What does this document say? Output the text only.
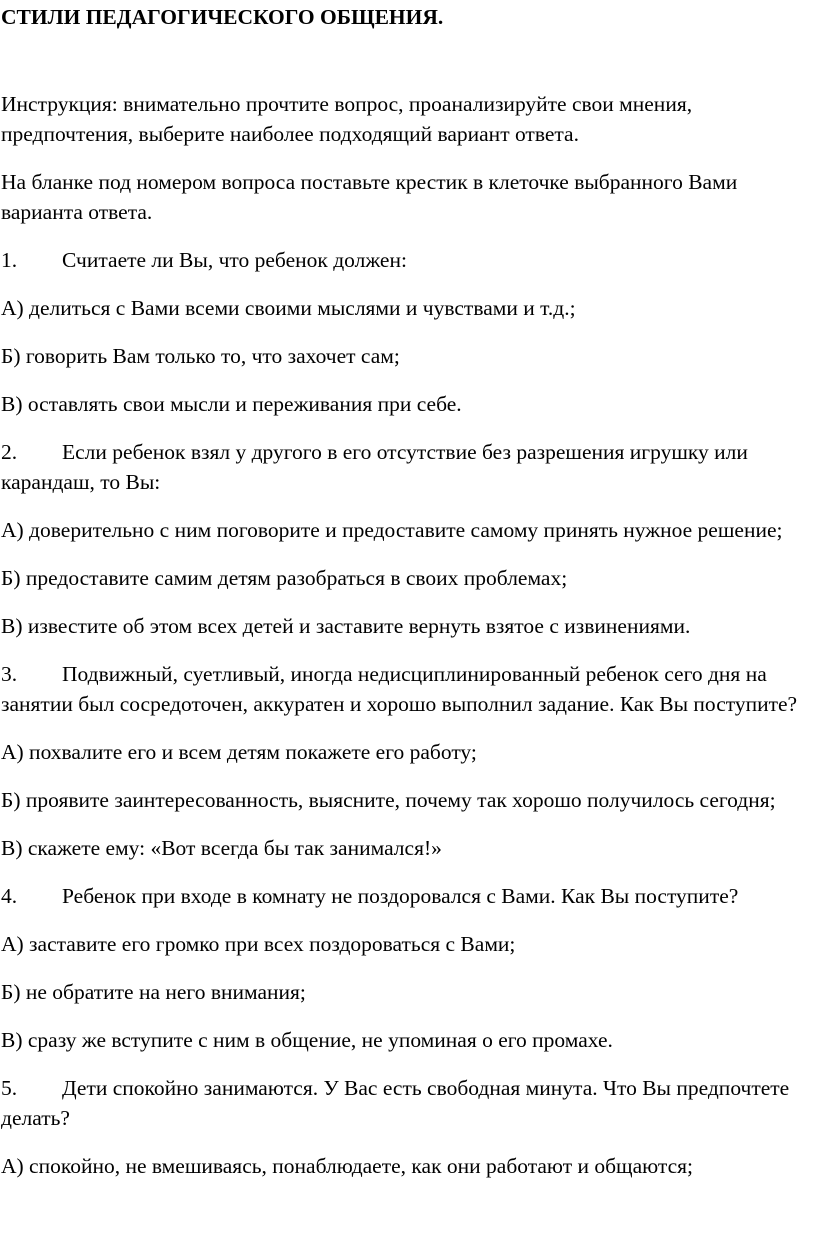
СТИЛИ ПЕДАГОГИЧЕСКОГО ОБЩЕНИЯ.

Инструкция: внимательно прочтите вопрос, проанализируйте свои мнения, предпочтения, выберите наиболее подходящий вариант ответа.

На бланке под номером вопроса поставьте крестик в клеточке выбранного Вами варианта ответа.

1. Считаете ли Вы, что ребенок должен:

А) делиться с Вами всеми своими мыслями и чувствами и т.д.;

Б) говорить Вам только то, что захочет сам;

В) оставлять свои мысли и переживания при себе.

2. Если ребенок взял у другого в его отсутствие без разрешения игрушку или карандаш, то Вы:

А) доверительно с ним поговорите и предоставите самому принять нужное решение;

Б) предоставите самим детям разобраться в своих проблемах;

В) известите об этом всех детей и заставите вернуть взятое с извинениями.

3. Подвижный, суетливый, иногда недисциплинированный ребенок сего дня на занятии был сосредоточен, аккуратен и хорошо выполнил задание. Как Вы поступите?

А) похвалите его и всем детям покажете его работу;

Б) проявите заинтересованность, выясните, почему так хорошо получилось сегодня;

В) скажете ему: «Вот всегда бы так занимался!»

4. Ребенок при входе в комнату не поздоровался с Вами. Как Вы поступите?

А) заставите его громко при всех поздороваться с Вами;

Б) не обратите на него внимания;

В) сразу же вступите с ним в общение, не упоминая о его промахе.

5. Дети спокойно занимаются. У Вас есть свободная минута. Что Вы предпочтете делать?

А) спокойно, не вмешиваясь, понаблюдаете, как они работают и общаются;
